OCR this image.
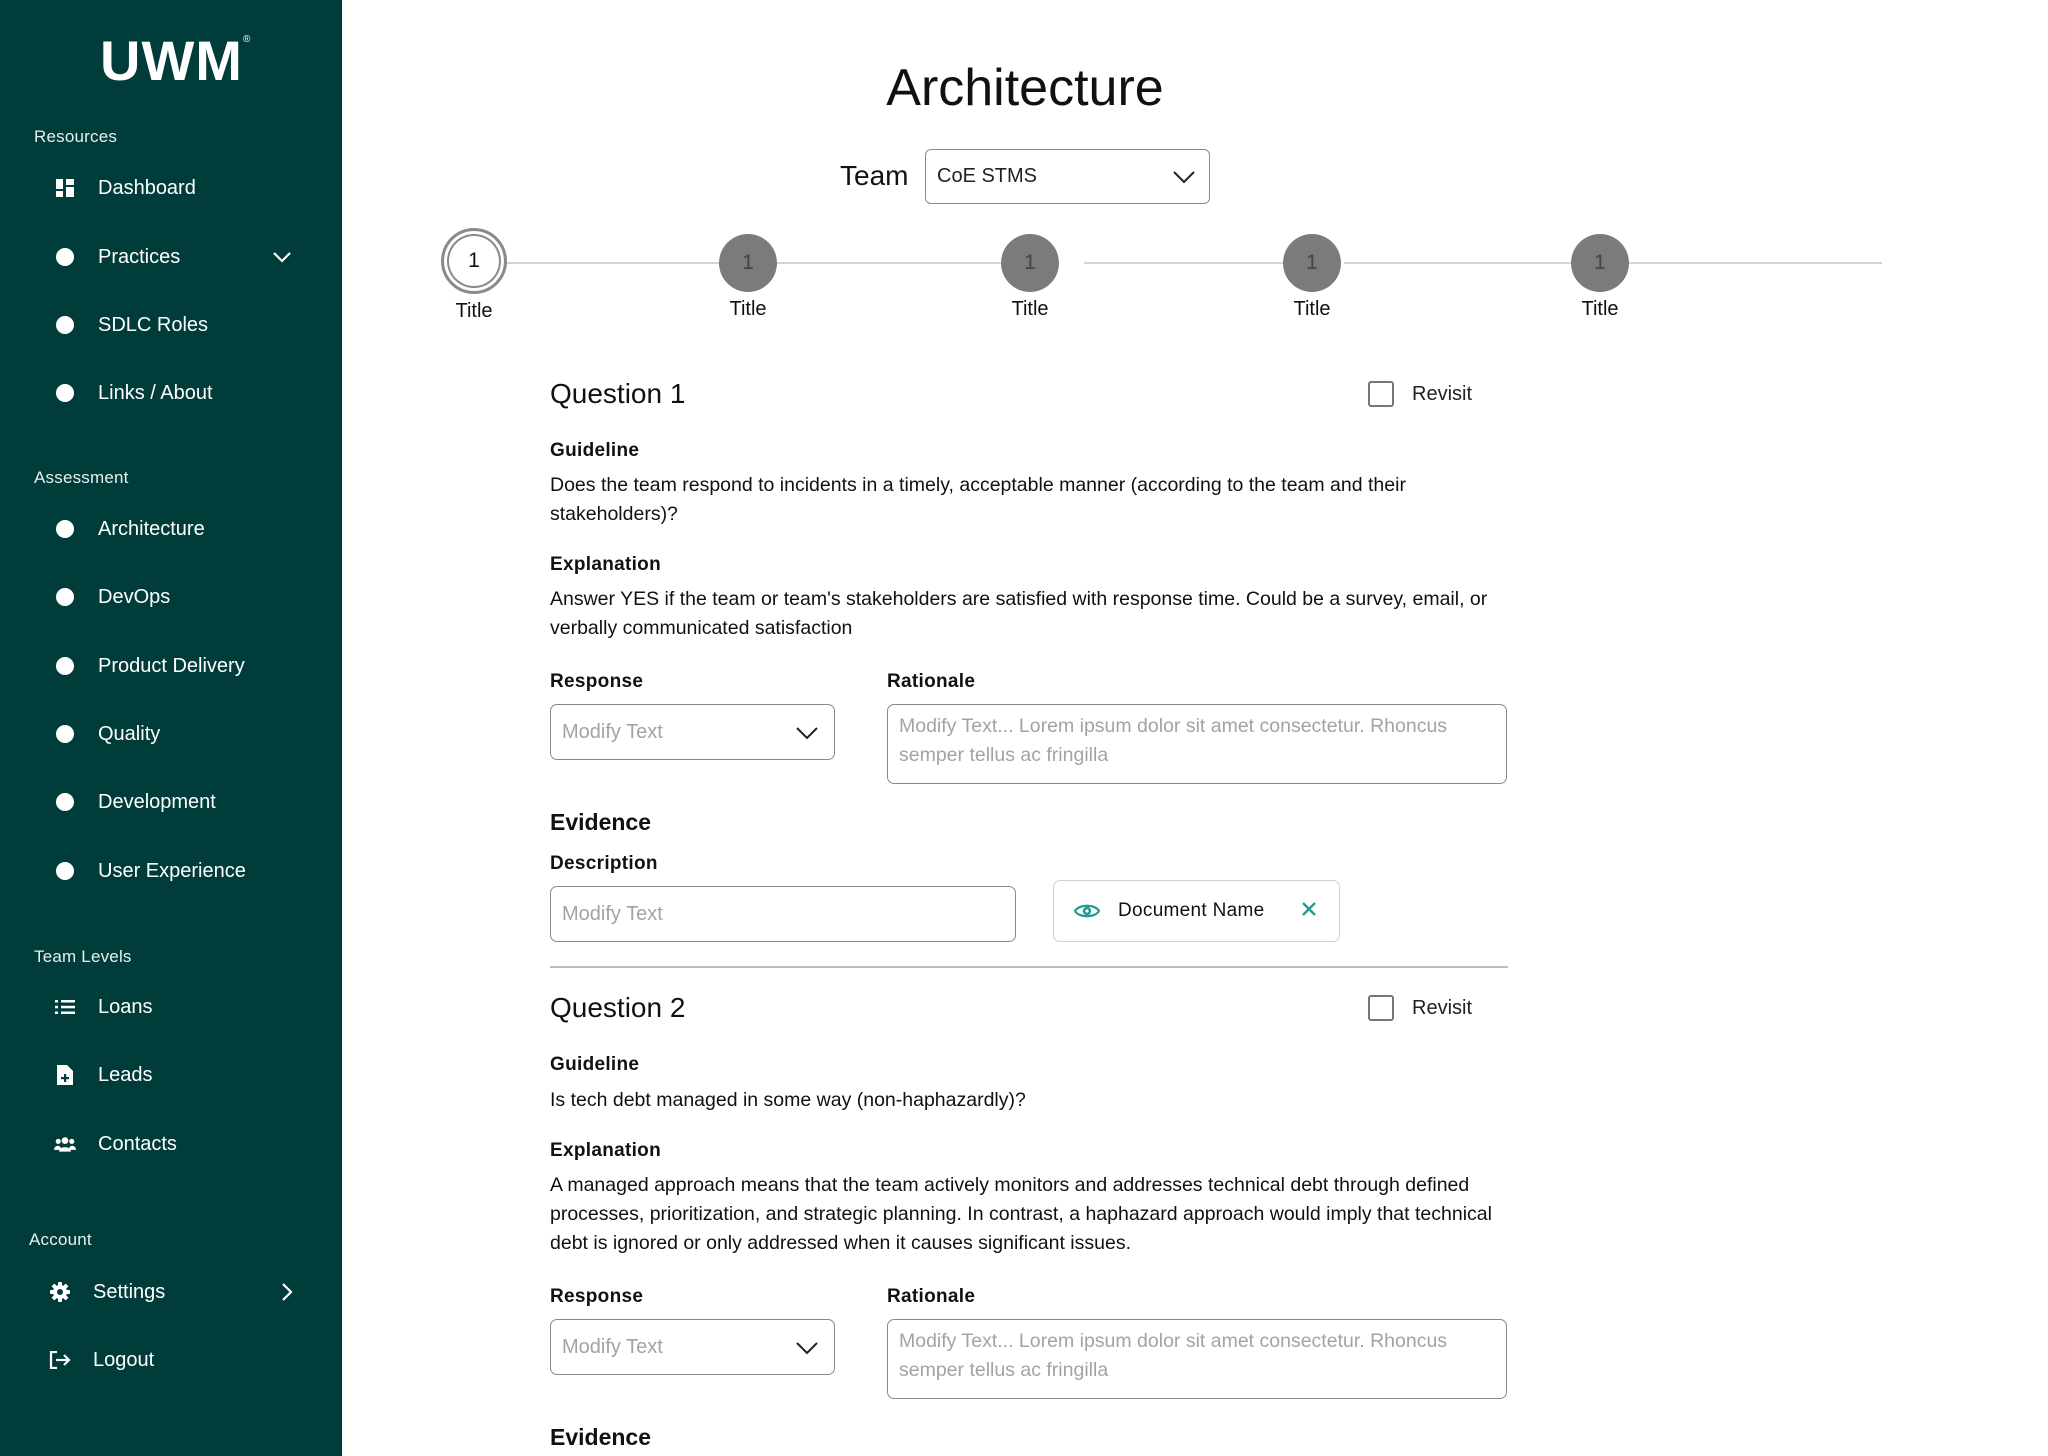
UWM®
Resources
Dashboard
Practices
SDLC Roles
Links / About
Assessment
Architecture
DevOps
Product Delivery
Quality
Development
User Experience
Team Levels
Loans
Leads
Contacts
Account
Settings
Logout
Architecture
Team CoE STMS
1
Title
1
Title
1
Title
1
Title
1
Title
Question 1	Revisit
Guideline
Does the team respond to incidents in a timely, acceptable manner (according to the team and their stakeholders)?
Explanation
Answer YES if the team or team's stakeholders are satisfied with response time. Could be a survey, email, or verbally communicated satisfaction
Response	Rationale
Modify Text	Modify Text... Lorem ipsum dolor sit amet consectetur. Rhoncus semper tellus ac fringilla
Evidence
Description
Modify Text	Document Name
Question 2	Revisit
Guideline
Is tech debt managed in some way (non-haphazardly)?
Explanation
A managed approach means that the team actively monitors and addresses technical debt through defined processes, prioritization, and strategic planning. In contrast, a haphazard approach would imply that technical debt is ignored or only addressed when it causes significant issues.
Response	Rationale
Modify Text	Modify Text... Lorem ipsum dolor sit amet consectetur. Rhoncus semper tellus ac fringilla
Evidence
